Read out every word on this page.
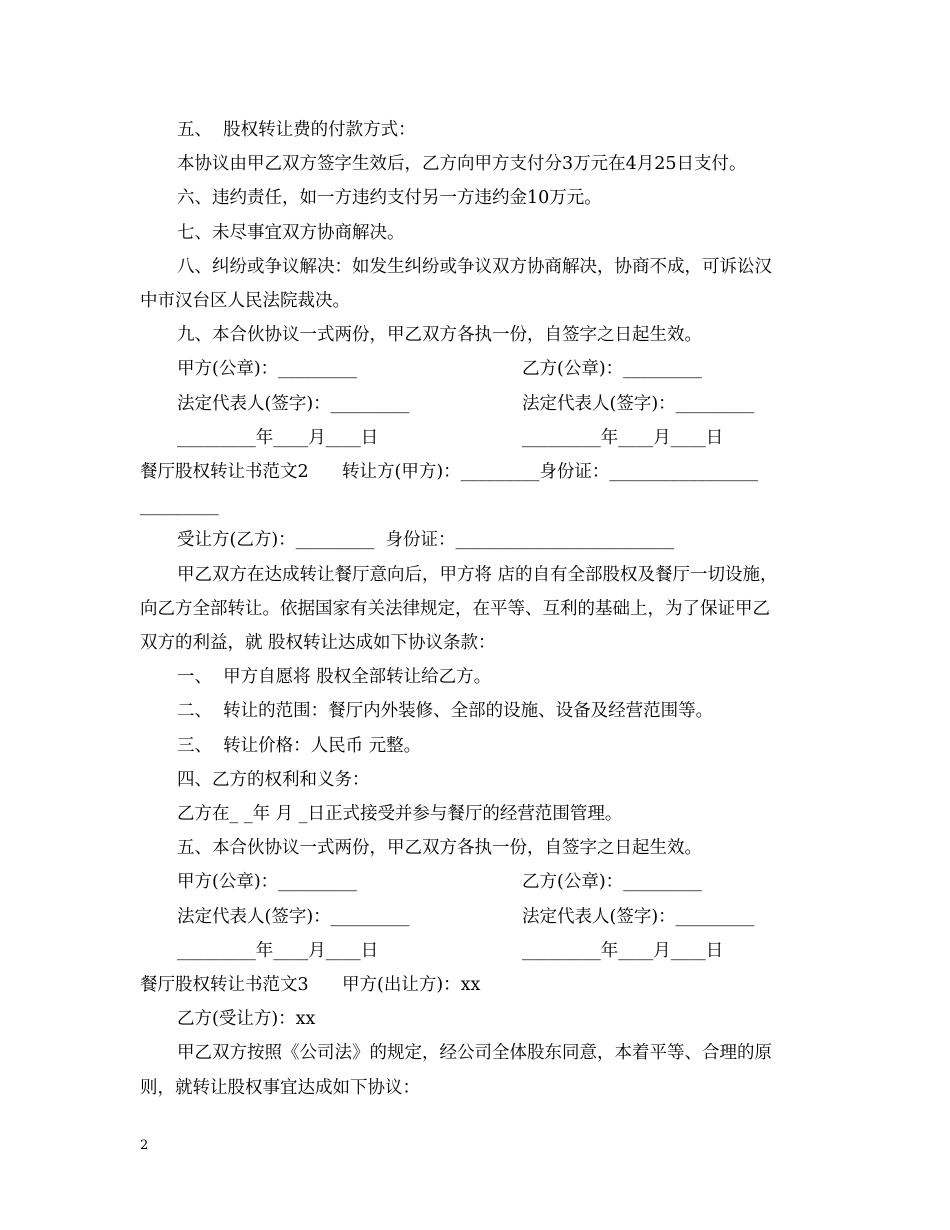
五、  股权转让费的付款方式：
本协议由甲乙双方签字生效后，乙方向甲方支付分3万元在4月25日支付。
六、违约责任，如一方违约支付另一方违约金10万元。
七、未尽事宜双方协商解决。
八、纠纷或争议解决：如发生纠纷或争议双方协商解决，协商不成，可诉讼汉
中市汉台区人民法院裁决。
九、本合伙协议一式两份，甲乙双方各执一份，自签字之日起生效。
甲方(公章)：_________	乙方(公章)：_________
法定代表人(签字)：_________	法定代表人(签字)：_________
_________年____月____日	_________年____月____日
餐厅股权转让书范文2      转让方(甲方)：_________身份证：_________________
_________
受让方(乙方)：_________  身份证：_________________________
甲乙双方在达成转让餐厅意向后，甲方将 店的自有全部股权及餐厅一切设施，
向乙方全部转让。依据国家有关法律规定，在平等、互利的基础上，为了保证甲乙
双方的利益，就 股权转让达成如下协议条款：
一、  甲方自愿将 股权全部转让给乙方。
二、  转让的范围：餐厅内外装修、全部的设施、设备及经营范围等。
三、  转让价格：人民币 元整。
四、乙方的权利和义务：
乙方在_ _年 月 _日正式接受并参与餐厅的经营范围管理。
五、本合伙协议一式两份，甲乙双方各执一份，自签字之日起生效。
甲方(公章)：_________	乙方(公章)：_________
法定代表人(签字)：_________	法定代表人(签字)：_________
_________年____月____日	_________年____月____日
餐厅股权转让书范文3      甲方(出让方)：xx
乙方(受让方)：xx
甲乙双方按照《公司法》的规定，经公司全体股东同意，本着平等、合理的原
则，就转让股权事宜达成如下协议：
2
